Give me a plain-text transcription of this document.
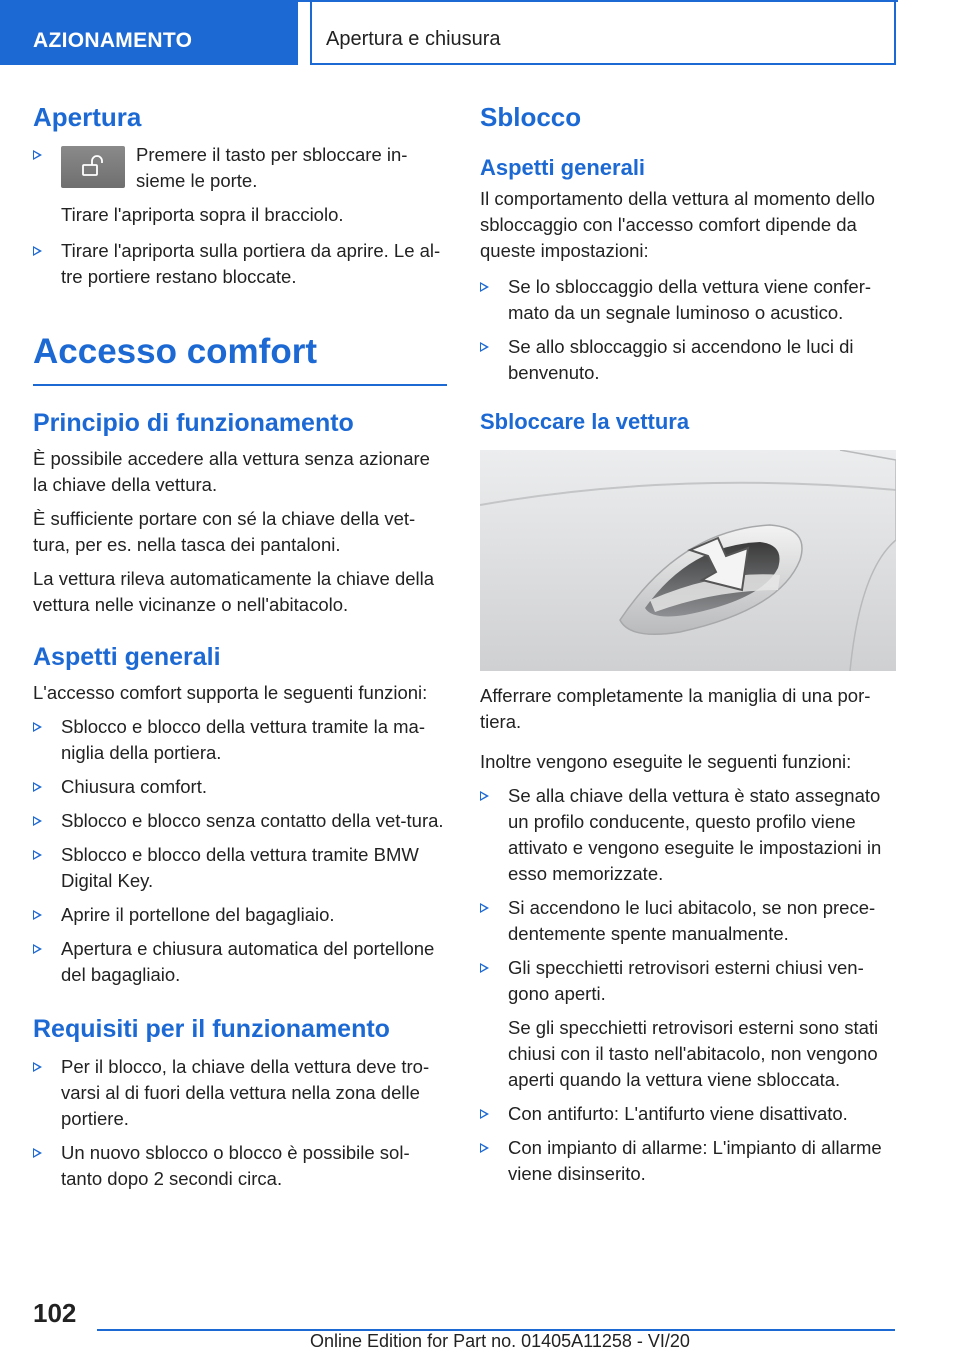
AZIONAMENTO	Apertura e chiusura
Apertura
Premere il tasto per sbloccare in-
sieme le porte.
Tirare l'apriporta sopra il bracciolo.
Tirare l'apriporta sulla portiera da aprire. Le al-tre portiere restano bloccate.
Accesso comfort
Principio di funzionamento

È possibile accedere alla vettura senza azionare la chiave della vettura.

È sufficiente portare con sé la chiave della vet-tura, per es. nella tasca dei pantaloni.

La vettura rileva automaticamente la chiave della vettura nelle vicinanze o nell'abitacolo.

Aspetti generali

L'accesso comfort supporta le seguenti funzioni:

Sblocco e blocco della vettura tramite la ma-niglia della portiera.
Chiusura comfort.
Sblocco e blocco senza contatto della vet-tura.
Sblocco e blocco della vettura tramite BMW Digital Key.
Aprire il portellone del bagagliaio.
Apertura e chiusura automatica del portellone del bagagliaio.
Requisiti per il funzionamento
Per il blocco, la chiave della vettura deve tro-varsi al di fuori della vettura nella zona delle portiere.
Un nuovo sblocco o blocco è possibile sol-tanto dopo 2 secondi circa.
Sblocco
Aspetti generali

Il comportamento della vettura al momento dello sbloccaggio con l'accesso comfort dipende da queste impostazioni:

Se lo sbloccaggio della vettura viene confer-mato da un segnale luminoso o acustico.
Se allo sbloccaggio si accendono le luci di benvenuto.
Sbloccare la vettura

Afferrare completamente la maniglia di una por-tiera.

Inoltre vengono eseguite le seguenti funzioni:

Se alla chiave della vettura è stato assegnato un profilo conducente, questo profilo viene attivato e vengono eseguite le impostazioni in esso memorizzate.
Si accendono le luci abitacolo, se non prece-dentemente spente manualmente.
Gli specchietti retrovisori esterni chiusi ven-gono aperti.
Se gli specchietti retrovisori esterni sono stati chiusi con il tasto nell'abitacolo, non vengono aperti quando la vettura viene sbloccata.
Con antifurto: L'antifurto viene disattivato.
Con impianto di allarme: L'impianto di allarme viene disinserito.
102
Online Edition for Part no. 01405A11258 - VI/20
